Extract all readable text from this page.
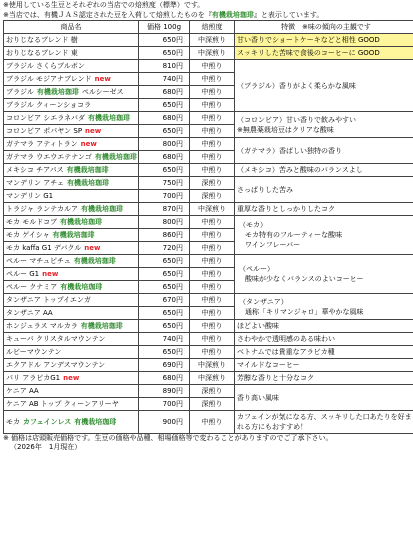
※使用している生豆とそれぞれの当店での焙煎度（標準）です。
※当店では、有機ＪＡＳ認定された豆を入荷して焙煎したものを『有機栽培珈琲』と表示しています。
商品名	価格 100g	焙煎度	特徴　※味の傾向の主観です
おりじなるブレンド 樹	650円	中深煎り	甘い香りでショートケーキなどと相性 GOOD
おりじなるブレンド 東	650円	中深煎り	スッキリした苦味で食後のコーヒーに GOOD
ブラジル さくらブルボン	810円	中煎り	（ブラジル）香りがよく柔らかな風味

ブラジル モジアナブレンド new	740円	中煎り	
ブラジル 有機栽培珈琲 ペルシーゼス	680円	中煎り	
ブラジル クィーンショコラ	650円	中煎り	
コロンビア シエラネバダ 有機栽培珈琲	680円	中煎り	（コロンビア）甘い香りで飲みやすい
※無農薬栽培豆はクリアな酸味

コロンビア ポパヤン SP new	650円	中煎り	
ガテマラ アティトラン new	800円	中煎り	（ガテマラ）香ばしい独特の香り

ガテマラ ウエウエテナンゴ 有機栽培珈琲	680円	中煎り	
メキシコ チアパス 有機栽培珈琲	650円	中煎り	（メキシコ）苦みと酸味のバランスよし
マンデリン アチェ 有機栽培珈琲	750円	深煎り	さっぱりした苦み

マンデリン G1	700円	深煎り	
トラジャ ランテカルア 有機栽培珈琲	870円	中深煎り	重厚な香りとしっかりしたコク
モカ モルドコブ 有機栽培珈琲	800円	中煎り	（モカ）
モカ特有のフルーティーな酸味
ワインフレーバー

モカ ゲイシャ 有機栽培珈琲	860円	中煎り	
モカ kaffa G1 デバクル new	720円	中煎り	
ペルー マチュピチュ 有機栽培珈琲	650円	中煎り	（ペルー）
酸味が少なくバランスのよいコーヒー

ペルー G1 new	650円	中煎り	
ペルー クナミア 有機栽培珈琲	650円	中煎り	
タンザニア トップイエンガ	670円	中煎り	（タンザニア）
通称「キリマンジャロ」華やかな風味

タンザニア AA	650円	中煎り	
ホンジュラス マルカラ 有機栽培珈琲	650円	中煎り	ほどよい酸味
キューバ クリスタルマウンテン	740円	中煎り	さわやかで透明感のある味わい
ルビーマウンテン	650円	中煎り	ベトナムでは貴重なアラビカ種
エクアドル アンデスマウンテン	690円	中深煎り	マイルドなコーヒー
パリ アラビカG1 new	680円	中深煎り	芳醇な香りと十分なコク
ケニア AA	890円	深煎り	香り高い風味

ケニア AB トップ クィーンアリーヤ	700円	深煎り	
モカ カフェインレス 有機栽培珈琲	900円	中煎り	カフェインが気になる方、スッキリした口あたりを好まれる方にもおすすめ！
※ 価格は店頭販売価格です。生豆の価格や品種、相場価格等で変わることがありますのでご了承下さい。
（2026年　1月現在）
